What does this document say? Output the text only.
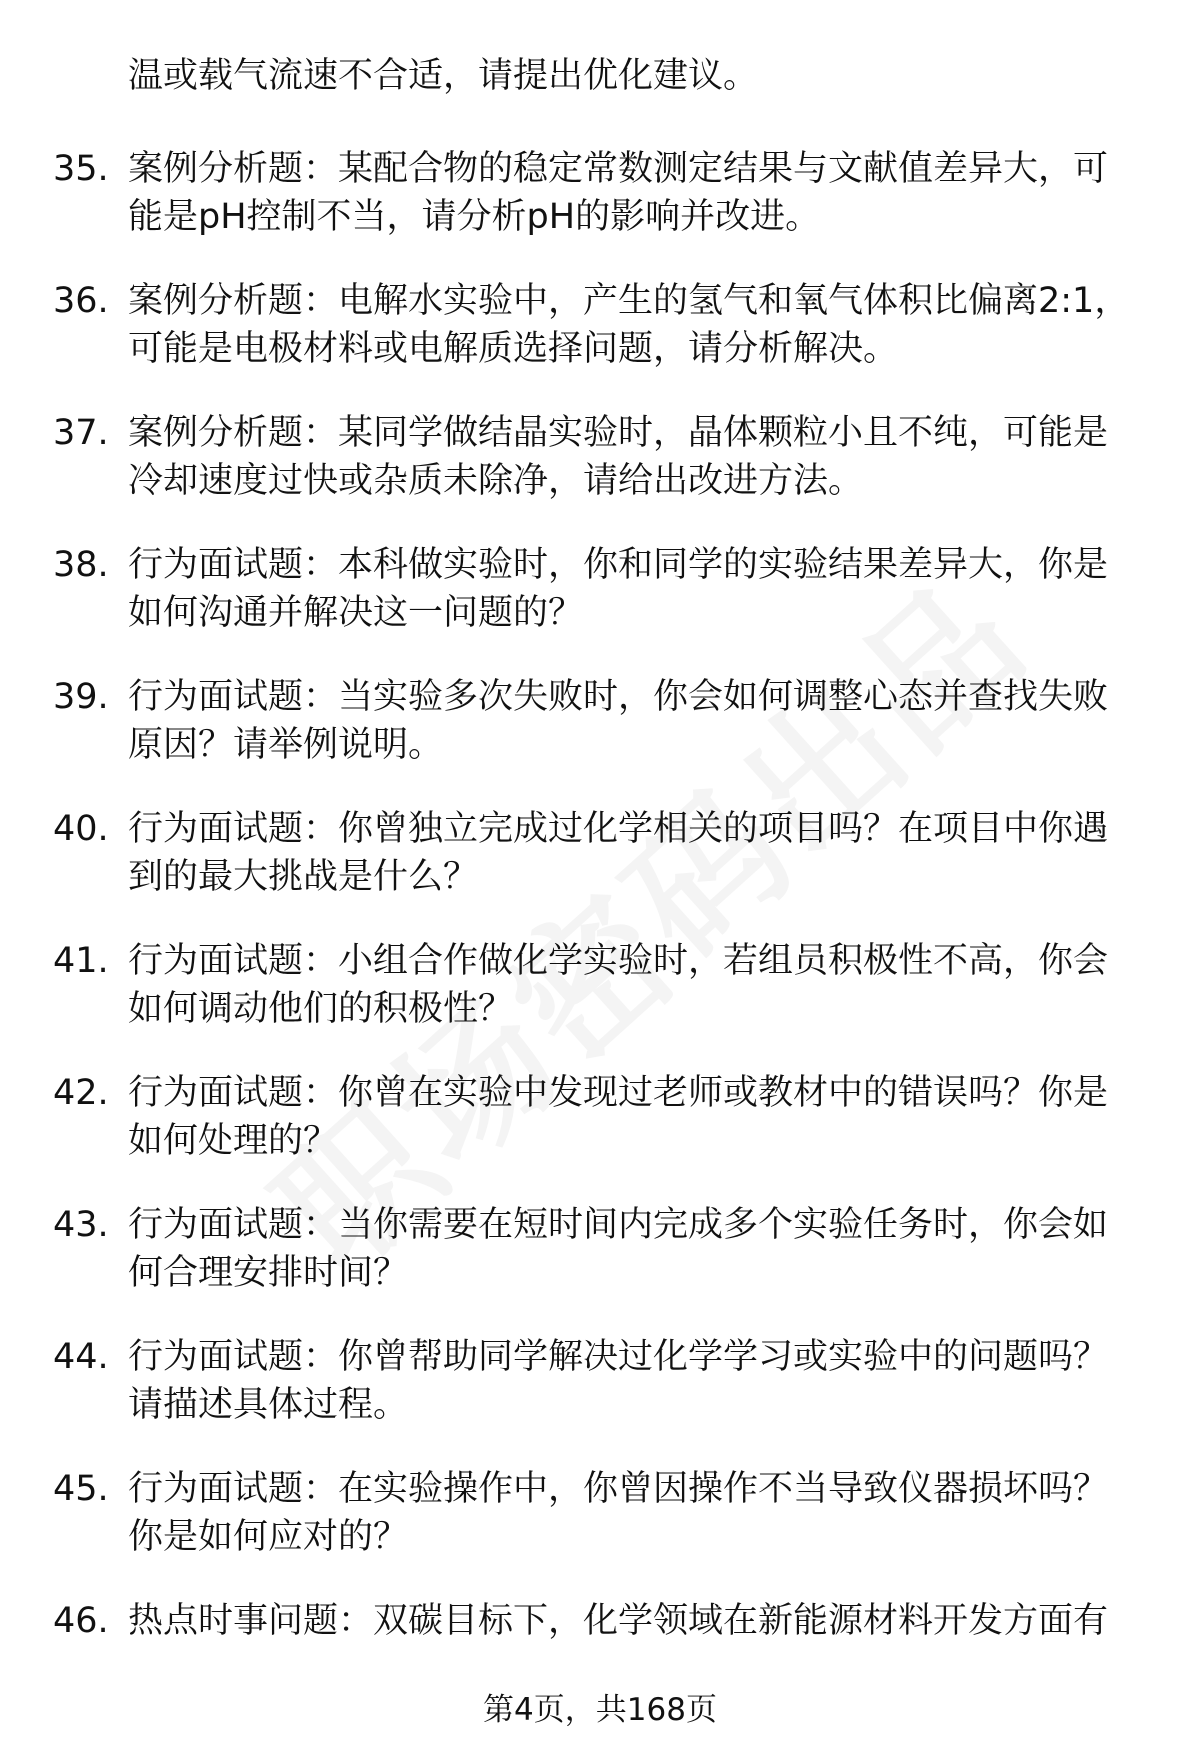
温或载气流速不合适，请提出优化建议。
35. 案例分析题：某配合物的稳定常数测定结果与文献值差异大，可能是pH控制不当，请分析pH的影响并改进。
36. 案例分析题：电解水实验中，产生的氢气和氧气体积比偏离2:1，可能是电极材料或电解质选择问题，请分析解决。
37. 案例分析题：某同学做结晶实验时，晶体颗粒小且不纯，可能是冷却速度过快或杂质未除净，请给出改进方法。
38. 行为面试题：本科做实验时，你和同学的实验结果差异大，你是如何沟通并解决这一问题的？
39. 行为面试题：当实验多次失败时，你会如何调整心态并查找失败原因？请举例说明。
40. 行为面试题：你曾独立完成过化学相关的项目吗？在项目中你遇到的最大挑战是什么？
41. 行为面试题：小组合作做化学实验时，若组员积极性不高，你会如何调动他们的积极性？
42. 行为面试题：你曾在实验中发现过老师或教材中的错误吗？你是如何处理的？
43. 行为面试题：当你需要在短时间内完成多个实验任务时，你会如何合理安排时间？
44. 行为面试题：你曾帮助同学解决过化学学习或实验中的问题吗？请描述具体过程。
45. 行为面试题：在实验操作中，你曾因操作不当导致仪器损坏吗？你是如何应对的？
46. 热点时事问题：双碳目标下，化学领域在新能源材料开发方面有
第4页，共168页
